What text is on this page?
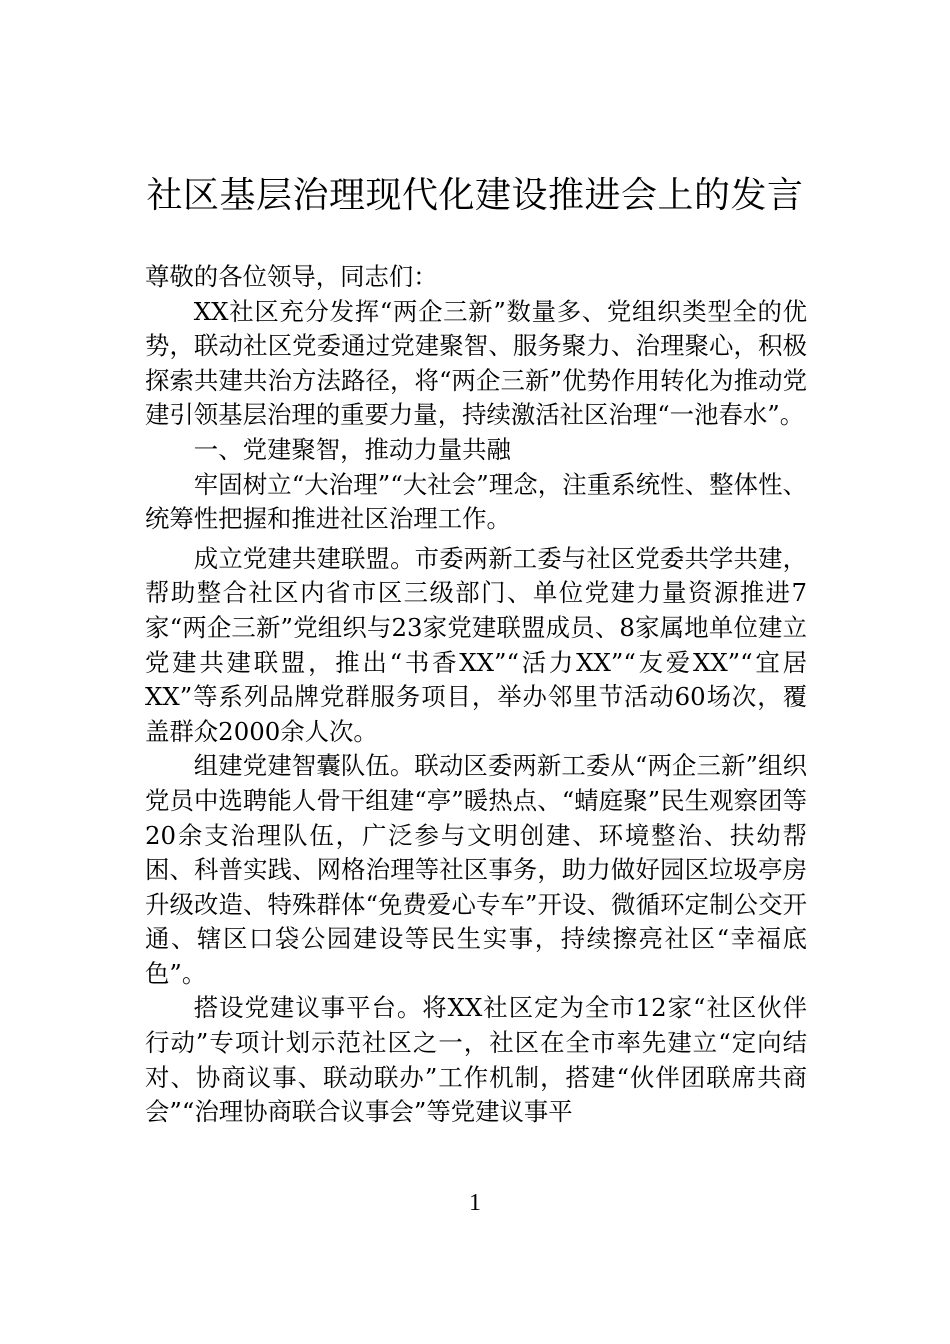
社区基层治理现代化建设推进会上的发言

尊敬的各位领导，同志们：

XX社区充分发挥“两企三新”数量多、党组织类型全的优势，联动社区党委通过党建聚智、服务聚力、治理聚心，积极探索共建共治方法路径，将“两企三新”优势作用转化为推动党建引领基层治理的重要力量，持续激活社区治理“一池春水”。

一、党建聚智，推动力量共融

牢固树立“大治理”“大社会”理念，注重系统性、整体性、统筹性把握和推进社区治理工作。

成立党建共建联盟。市委两新工委与社区党委共学共建，帮助整合社区内省市区三级部门、单位党建力量资源推进7家“两企三新”党组织与23家党建联盟成员、8家属地单位建立党建共建联盟，推出“书香XX”“活力XX”“友爱XX”“宜居XX”等系列品牌党群服务项目，举办邻里节活动60场次，覆盖群众2000余人次。

组建党建智囊队伍。联动区委两新工委从“两企三新”组织党员中选聘能人骨干组建“亭”暖热点、“蜻庭聚”民生观察团等20余支治理队伍，广泛参与文明创建、环境整治、扶幼帮困、科普实践、网格治理等社区事务，助力做好园区垃圾亭房升级改造、特殊群体“免费爱心专车”开设、微循环定制公交开通、辖区口袋公园建设等民生实事，持续擦亮社区“幸福底色”。

搭设党建议事平台。将XX社区定为全市12家“社区伙伴行动”专项计划示范社区之一，社区在全市率先建立“定向结对、协商议事、联动联办”工作机制，搭建“伙伴团联席共商会”“治理协商联合议事会”等党建议事平

1
